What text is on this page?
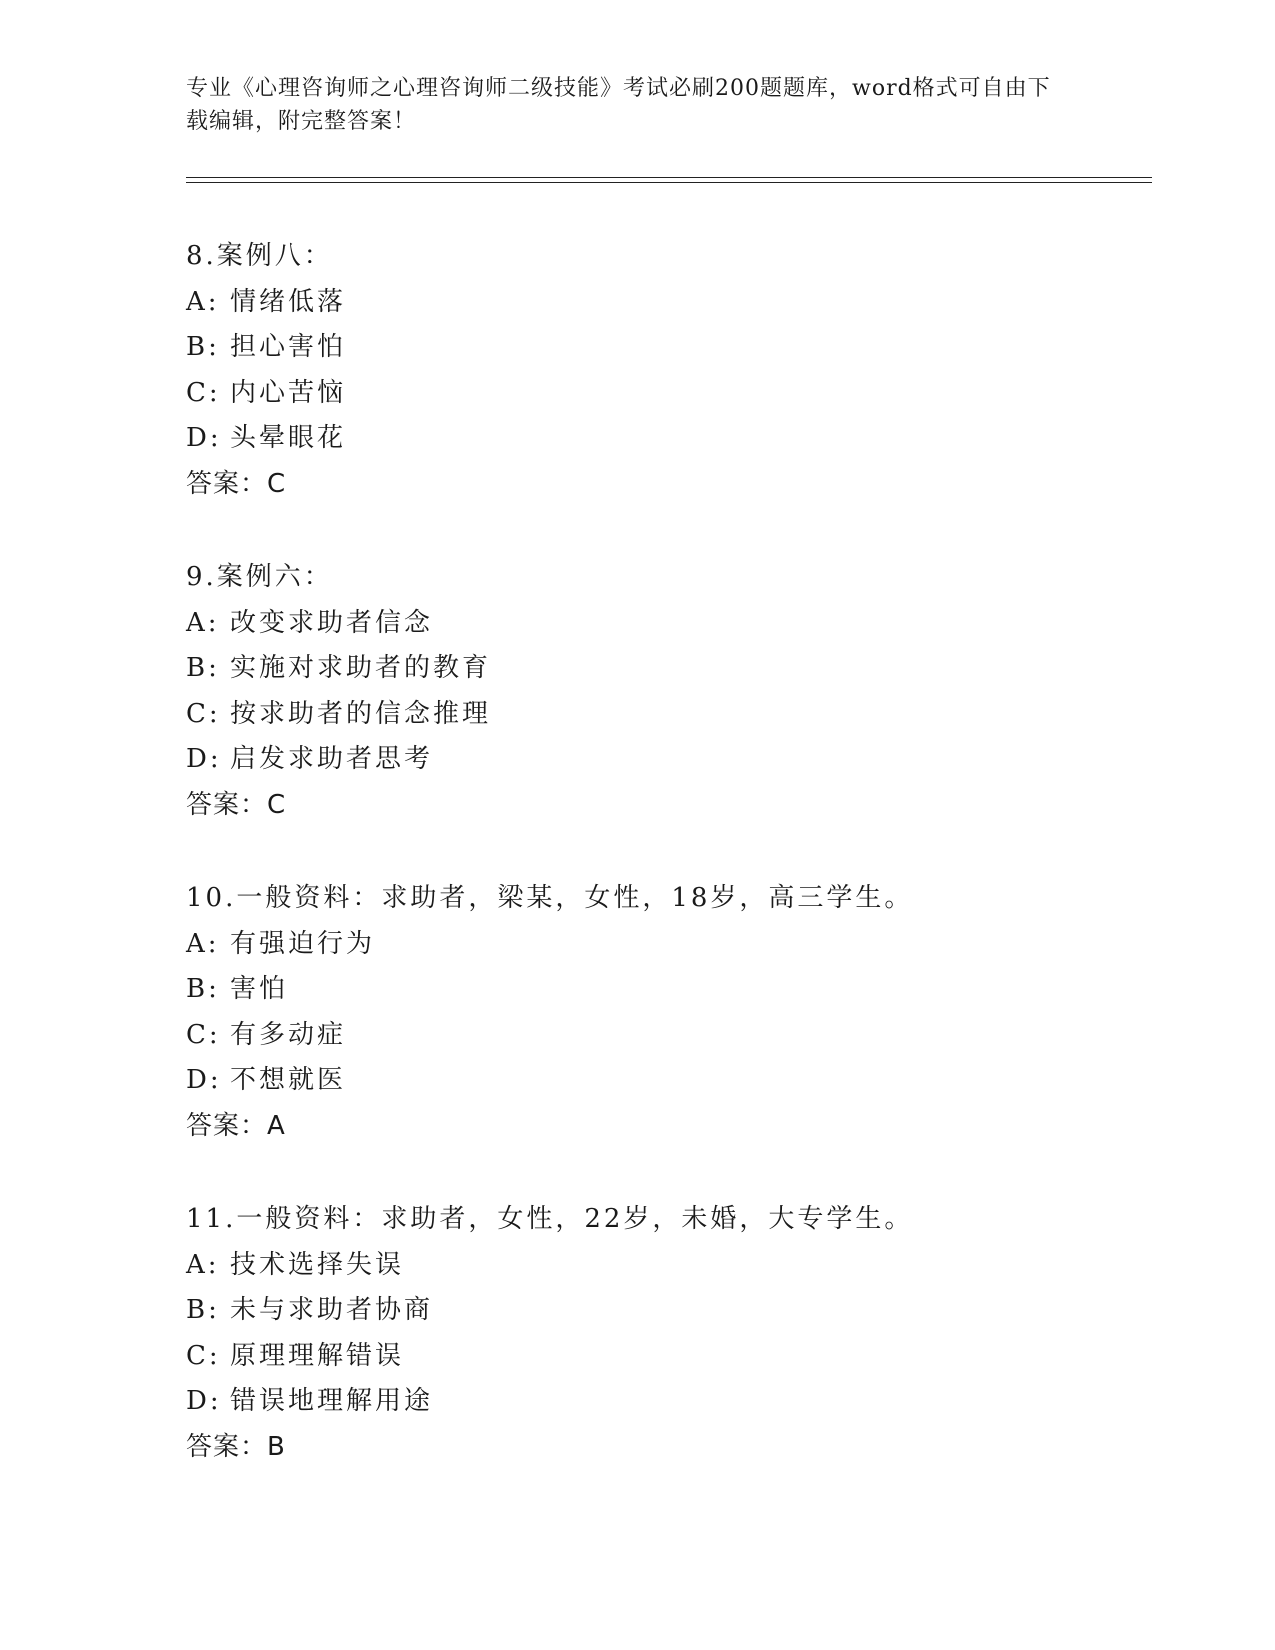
专业《心理咨询师之心理咨询师二级技能》考试必刷200题题库，word格式可自由下载编辑，附完整答案！
8.案例八：
A: 情绪低落
B: 担心害怕
C: 内心苦恼
D: 头晕眼花
答案：C
9.案例六：
A: 改变求助者信念
B: 实施对求助者的教育
C: 按求助者的信念推理
D: 启发求助者思考
答案：C
10.一般资料：求助者，梁某，女性，18岁，高三学生。
A: 有强迫行为
B: 害怕
C: 有多动症
D: 不想就医
答案：A
11.一般资料：求助者，女性，22岁，未婚，大专学生。
A: 技术选择失误
B: 未与求助者协商
C: 原理理解错误
D: 错误地理解用途
答案：B
